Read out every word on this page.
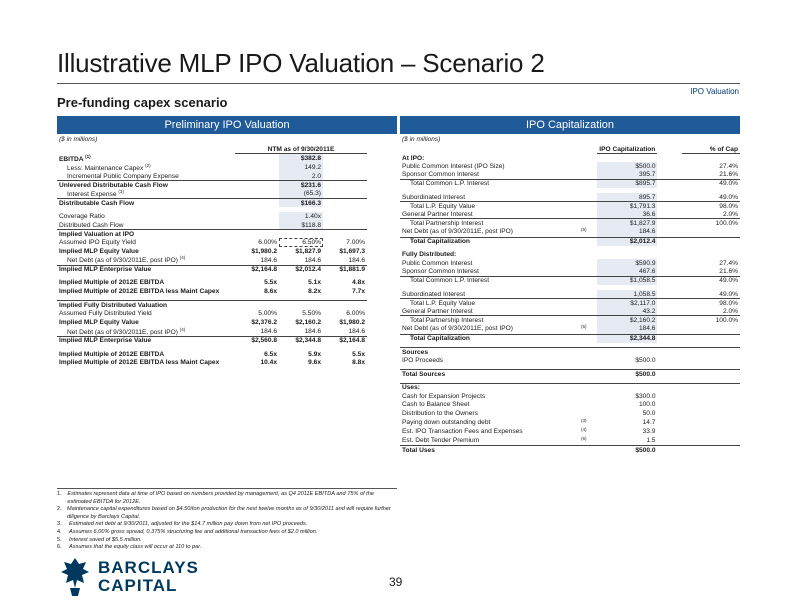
Illustrative MLP IPO Valuation – Scenario 2
IPO Valuation
Pre-funding capex scenario
Preliminary IPO Valuation	IPO Capitalization
($ in millions)	($ in millions)
	NTM as of 9/30/2011E		
EBITDA $^{(1)}$		$382.8	
Less: Maintenance Capex $^{(2)}$		149.2	
Incremental Public Company Expense		2.0	
Unlevered Distributable Cash Flow		$231.6	
Interest Expense $^{(3)}$		(65.3)	
Distributable Cash Flow		$166.3	

Coverage Ratio		1.40x	
Distributed Cash Flow		$118.8	
Implied Valuation at IPO			
Assumed IPO Equity Yield	6.00%	6.50%	7.00%
Implied MLP Equity Value	$1,980.2	$1,827.9	$1,697.3
Net Debt (as of 9/30/2011E, post IPO) $^{(4)}$	184.6	184.6	184.6
Implied MLP Enterprise Value	$2,164.8	$2,012.4	$1,881.9

Implied Multiple of 2012E EBITDA	5.5x	5.1x	4.8x
Implied Multiple of 2012E EBITDA less Maint Capex	8.6x	8.2x	7.7x

Implied Fully Distributed Valuation			
Assumed Fully Distributed Yield	5.00%	5.50%	6.00%
Implied MLP Equity Value	$2,376.2	$2,160.2	$1,980.2
Net Debt (as of 9/30/2011E, post IPO) $^{(4)}$	184.6	184.6	184.6
Implied MLP Enterprise Value	$2,560.8	$2,344.8	$2,164.8

Implied Multiple of 2012E EBITDA	6.5x	5.9x	5.5x
Implied Multiple of 2012E EBITDA less Maint Capex	10.4x	9.6x	8.8x
		IPO Capitalization		% of Cap
At IPO:				
Public Common Interest (IPO Size)		$500.0		27.4%
Sponsor Common Interest		395.7		21.6%
Total Common L.P. Interest		$895.7		49.0%

Subordinated Interest		895.7		49.0%
Total L.P. Equity Value		$1,791.3		98.0%
General Partner Interest		36.6		2.0%
Total Partnership Interest		$1,827.9		100.0%
Net Debt (as of 9/30/2011E, post IPO)	$^{(5)}$	184.6		
Total Capitalization		$2,012.4		

Fully Distributed:				
Public Common Interest		$590.9		27.4%
Sponsor Common Interest		467.6		21.6%
Total Common L.P. Interest		$1,058.5		49.0%

Subordinated Interest		1,058.5		49.0%
Total L.P. Equity Value		$2,117.0		98.0%
General Partner Interest		43.2		2.0%
Total Partnership Interest		$2,160.2		100.0%
Net Debt (as of 9/30/2011E, post IPO)	$^{(5)}$	184.6		
Total Capitalization		$2,344.8		

Sources				
IPO Proceeds		$500.0		

Total Sources		$500.0		

Uses:				
Cash for Expansion Projects		$300.0		
Cash to Balance Sheet		100.0		
Distribution to the Owners		50.0		
Paying down outstanding debt	$^{(3)}$	14.7		
Est. IPO Transaction Fees and Expenses	$^{(4)}$	33.9		
Est. Debt Tender Premium	$^{(6)}$	1.5		
Total Uses		$500.0		
1.	Estimates represent data at time of IPO based on numbers provided by management, as Q4 2011E EBITDA and 75% of the estimated EBITDA for 2012E.
2. Maintenance capital expenditures based on $4.50/ton production for the next twelve months as of 9/30/2011 and will require further diligence by Barclays Capital.
3.	Estimated net debt at 9/30/2011, adjusted for the $14.7 million pay down from net IPO proceeds.
4.	Assumes 6.00% gross spread, 0.375% structuring fee and additional transaction fees of $2.0 million.
5.	Interest saved of $5.5 million.
6.	Assumes that the equity class will occur at 110 to par.
BARCLAYS
CAPITAL	39
